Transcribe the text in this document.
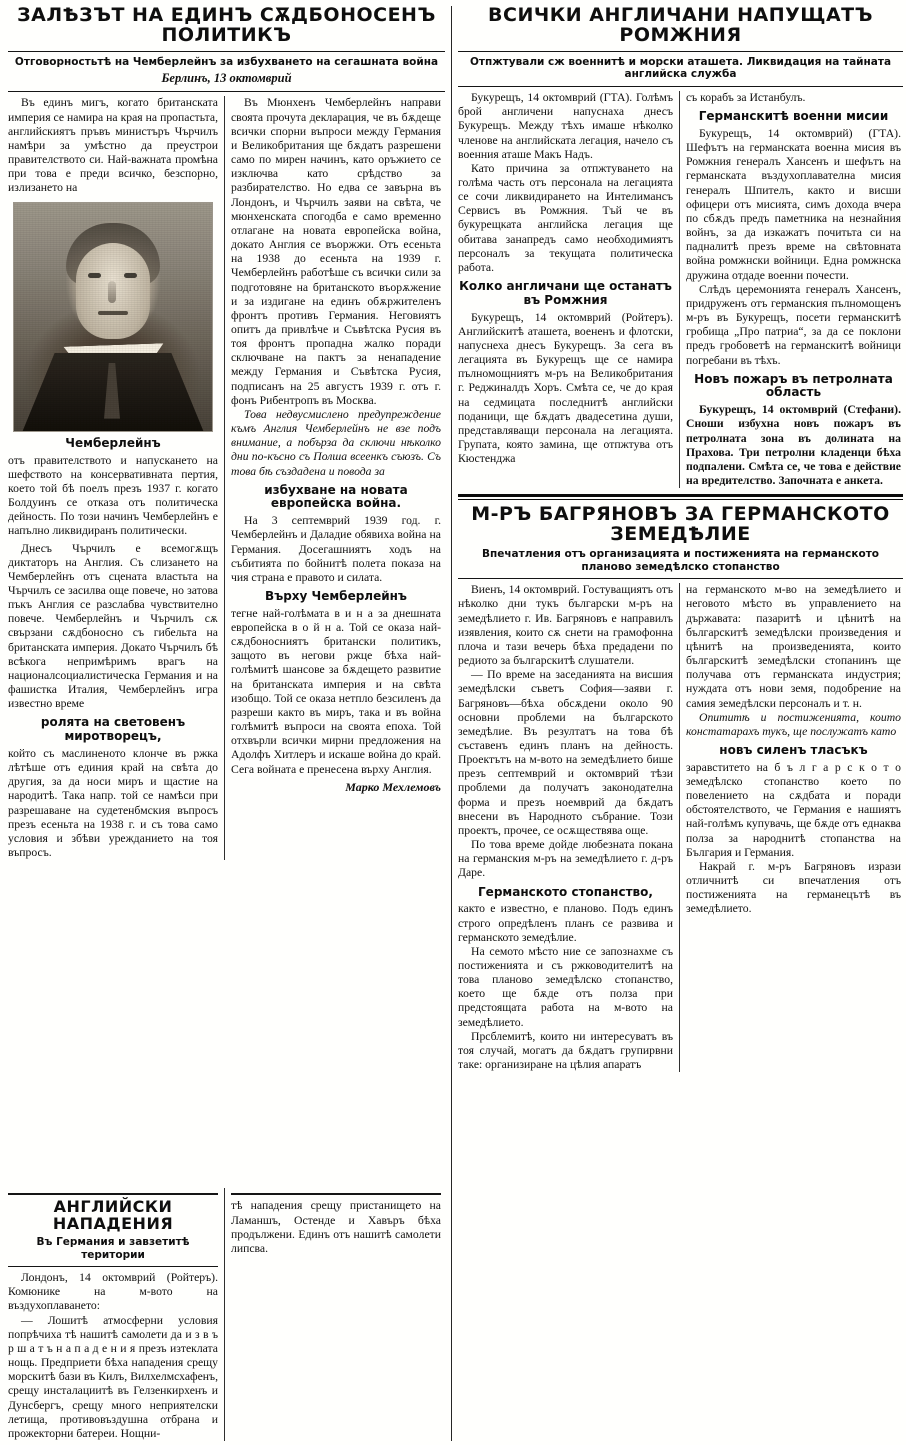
ЗАЛѢЗЪТ НА ЕДИНЪ СѪДБОНОСЕНЪ ПОЛИТИКЪ
Отговорностьтѣ нa Чемберлейнъ за избухването нa сегашната война
Берлинъ, 13 октомврий

Въ единъ мигъ, когато британската империя се намира на края на пропастьта, английскиятъ пръвъ министъръ Чърчилъ намѣри за умѣстно да преустрои правителството си. Най-важната промѣна при това е преди всичко, безспорно, излизането на

Чемберлейнъ

отъ правителството и напускането на шефството на консервативната пертия, което той бѣ поелъ презъ 1937 г. когато Болдуинъ се отказа отъ политическа дейность. По този начинъ Чемберлейнъ е напълно ликвидиранъ политически.

Днесъ Чърчилъ е всемогѫщъ диктаторъ на Англия. Съ слизането на Чемберлейнъ отъ сцената властьта на Чърчилъ се засилва още повече, но затова пъкъ Англия се разслабва чувствително повече. Чемберлейнъ и Чърчилъ сѫ свързани сѫдбоносно съ гибельта на британската империя. Докато Чърчилъ бѣ всѣкога непримѣримъ врагъ на националсоциалистическа Германия и на фашистка Италия, Чемберлейнъ игра известно време

ролята на световенъ миротворецъ,

който съ маслиненото клонче въ ржка лѣтѣше отъ единия край на свѣта до другия, за да носи миръ и щастие на народитѣ. Така напр. той се намѣси при разрешаване на судетенбмския въпросъ презъ есеньта на 1938 г. и съ това само условия и збѣви урежданието на тоя въпросъ.

Въ Мюнхенъ Чемберлейнъ направи своята прочута декларация, че въ бѫдеще всички спорни въпроси между Германия и Великобритания ще бѫдатъ разрешени само по мирен начинъ, като оръжието се изключва като срѣдство за разбирателство. Но едва се завърна въ Лондонъ, и Чърчилъ заяви на свѣта, че мюнхенската спогодба е само временно отлагане на новата европейска война, докато Англия се въоржжи. Отъ есеньта на 1938 до есеньта на 1939 г. Чемберлейнъ работѣше съ всички сили за подготовяне на британското въорѫжение и за издигане на единъ обѫржителенъ фронтъ противъ Германия. Неговиятъ опитъ да привлѣче и Съвѣтска Русия въ тоя фронтъ пропадна жалко поради сключване на пактъ за ненападение между Германия и Съвѣтска Русия, подписанъ на 25 августъ 1939 г. отъ г. фонъ Рибентропъ въ Москва.

Това недвусмислено предупреждение къмъ Англия Чемберлейнъ не взе подъ внимание, а побърза да сключи нѣколко дни по-късно съ Полша всеенкъ съюзъ. Съ това бѣ създадена и повода за

избухване на новата европейска война.

На 3 септемврий 1939 год. г. Чемберлейнъ и Даладие обявиха война на Германия. Досегашниятъ ходъ на събитията по бойнитѣ полета показа на чия страна е правото и силата.

Върху Чемберлейнъ

тегне най-голѣмата в и н а за днешната европейска в о й н а. Той се оказа най-сѫдбоносниятъ британски политикъ, защото въ негови ржце бѣха най-голѣмитѣ шансове за бѫдещето развитие на британската империя и на свѣта изобщо. Той се оказа нетпло безсиленъ да разреши както въ миръ, така и въ война голѣмитѣ въпроси на своята епоха. Той отхвърли всички мирни предложения на Адолфъ Хитлеръ и искаше война до край. Сега войната е пренесена върху Англия.

Марко Мехлемовъ
АНГЛИЙСКИ НАПАДЕНИЯ
Въ Германия и завзетитѣ територии

Лондонъ, 14 октомврий (Ройтеръ). Комюнике на м-вото на въздухоплаването:

— Лошитѣ атмосферни условия попрѣчиха тѣ нашитѣ самолети да и з в ъ р ш а т ъ н а п а д е н и я презъ изтеклата нощь. Предприети бѣха нападения срещу морскитѣ бази въ Килъ, Вилхелмсхафенъ, срещу инсталациитѣ въ Гелзенкирхенъ и Дунсбергъ, срещу много неприятелски летища, противовъздушна отбрана и прожекторни батереи. Нощни-

тѣ нападения срещу пристанището на Ламаншъ, Остенде и Хавъръ бѣха продължени. Единъ отъ нашитѣ самолети липсва.

ВСИЧКИ АНГЛИЧАНИ НАПУЩАТЪ РОМЖНИЯ
Отпжтували сж военнитѣ и морски аташета. Ликвидация на тайната английска служба

Букурещъ, 14 октомврий (ГТА). Голѣмъ брой англичени напуснаха днесъ Букурещъ. Между тѣхъ имаше нѣколко членове на английската легация, начело съ военния аташе Макъ Надъ.

Като причина за отпжтуването на голѣма часть отъ персонала на легацията се сочи ликвидирането на Интелиманcъ Сервисъ въ Ромжния. Тъй че въ букурещката английска легация ще обитава занапредъ само необходимиятъ персоналъ за текущата политическа работа.

Колко англичани ще останатъ въ Ромжния

Букурещъ, 14 октомврий (Ройтеръ). Английскитѣ аташета, воененъ и флотски, напуснеха днесъ Букурещъ. За сега въ легацията въ Букурещъ ще се намира пълномощниятъ м-ръ на Великобритания г. Реджиналдъ Хоръ. Смѣта се, че до края на седмицата последнитѣ английски поданици, ще бѫдатъ двадесетина души, представляващи персонала на легацията. Групата, която замина, ще отпжтува отъ Кюстенджа

съ корабъ за Истанбулъ.

Германскитѣ военни мисии

Букурещъ, 14 октомврий) (ГТА). Шефътъ на германската военна мисия въ Ромжния генералъ Хансенъ и шефътъ на германската въздухоплавателна мисия генералъ Шпителъ, както и висши офицери отъ мисията, симъ дохода вчера по сбѫдъ предъ паметника на незнайния войнъ, за да изкажатъ почитьта си на падналитѣ презъ време на свѣтовната война ромжнски войници. Една ромжнска дружина отдаде военни почести.

Слѣдъ церемонията генералъ Хансенъ, придруженъ отъ германския пълномощенъ м-ръ въ Букурещъ, посети германскитѣ гробища „Про патриа“, за да се поклони предъ гробоветѣ на германскитѣ войници погребани въ тѣхъ.

Новъ пожаръ въ петролната область

Букурещъ, 14 октомврий (Стефани). Сноши избухна новъ пожаръ въ петролната зона въ долината на Прахова. Три петролни кладенци бѣха подпалени. Смѣта се, че това е действие на вредителство. Започната е анкета.

М-РЪ БАГРЯНОВЪ ЗА ГЕРМАНСКОТО ЗЕМЕДѢЛИЕ
Впечатления отъ организацията и постиженията на германското планово земедѣлско стопанство

Виенъ, 14 октомврий. Гостуващиятъ отъ нѣколко дни тукъ български м-ръ на земедѣлието г. Ив. Багряновъ е направилъ изявления, които сѫ снети на грамофонна плоча и тази вечерь бѣха предадени по редиото за българскитѣ слушатели.

— По време на заседанията на висшия земедѣлски съветъ София—заяви г. Багряновъ—бѣха обсѫдени около 90 основни проблеми на българското земедѣлие. Въ резултатъ на това бѣ съставенъ единъ планъ на дейность. Проектътъ на м-вото на земедѣлието бише презъ септемврий и октомврий тѣзи проблеми да получатъ законодателна форма и презъ ноемврий да бѫдатъ внесени въ Народното събрание. Този проектъ, прочее, се осѫществява още.

По това време дойде любезната покана на германския м-ръ на земедѣлието г. д-ръ Даре.

Германското стопанство,

както е известно, е планово. Подъ единъ строго опредѣленъ планъ се развива и германското земедѣлие.

На семото мѣсто ние се запознахме съ постиженията и съ ржководителитѣ на това планово земедѣлско стопанство, което ще бѫде отъ полза при предстоящата работа на м-вото на земедѣлието.

Прсблемитѣ, които ни интересуватъ въ тоя случай, могатъ да бѫдатъ групирвни таке: организиране на цѣлия апаратъ

на германското м-во на земедѣлието и неговото мѣсто въ управлението на държавата: пазаритѣ и цѣнитѣ на българскитѣ земедѣлски произведения и цѣнитѣ на произведенията, които българскитѣ земедѣлски стопанинъ ще получава отъ германската индустрия; нуждата отъ нови земя, подобрение на самия земедѣлски персоналъ и т. н.

Опититѣ и постиженията, които констатарахъ тукъ, ще послужатъ като

новъ силенъ тласъкъ

заравститето на б ъ л г а р с к о т о земедѣлско стопанство което по повелението на сѫдбата и поради обстоятелството, че Германия е нашиятъ най-голѣмъ купувачь, ще бѫде отъ еднаква полза за народнитѣ стопанства на България и Германия.

Накрай г. м-ръ Багряновъ изрази отличнитѣ си впечатления отъ постиженията на германецътѣ въ земедѣлието.
